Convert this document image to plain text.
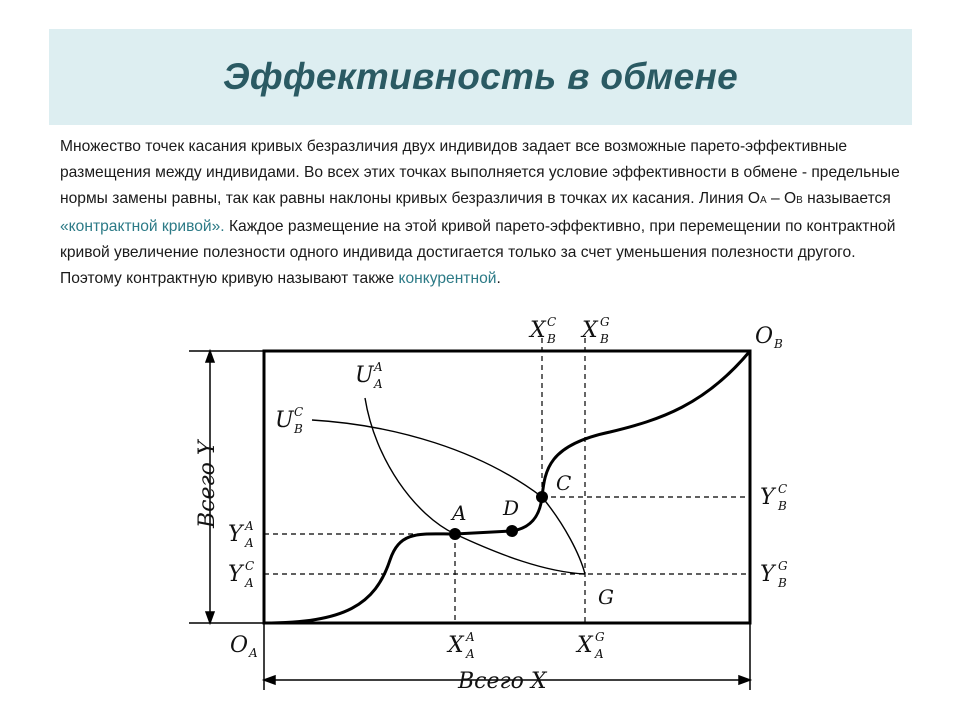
Эффективность в обмене
Множество точек касания кривых безразличия двух индивидов задает все возможные парето-эффективные размещения между индивидами. Во всех этих точках выполняется условие эффективности в обмене - предельные нормы замены равны, так как равны наклоны кривых безразличия в точках их касания. Линия ОА – ОВ называется «контрактной кривой». Каждое размещение на этой кривой парето-эффективно, при перемещении по контрактной кривой увеличение полезности одного индивида достигается только за счет уменьшения полезности другого. Поэтому контрактную кривую называют также конкурентной.
A D
C
G
O A
O B
Всего Y
Всего X
X C
B X G
B
X A
A	X G
A
Y A
A
Y C
A
Y C
B
Y G
B
U A
A
U C
B
